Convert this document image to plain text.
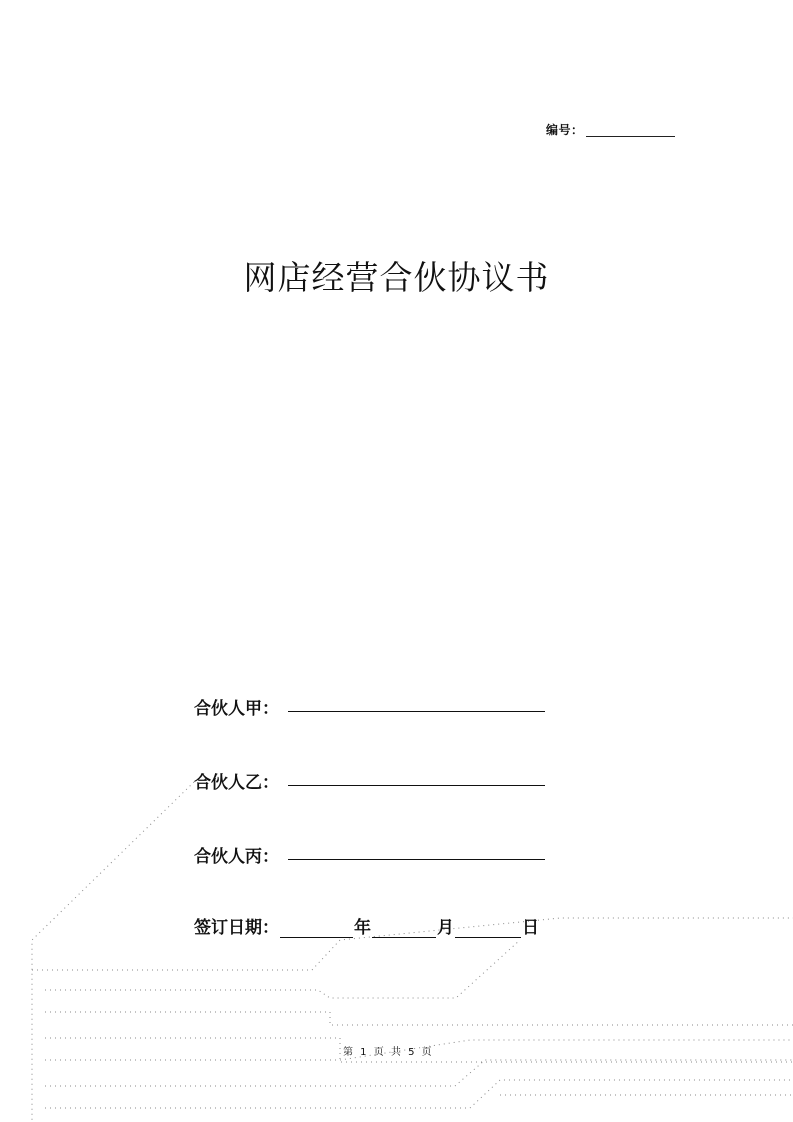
编号：
网店经营合伙协议书
合伙人甲：
合伙人乙：
合伙人丙：
签订日期：	年	月	日
第 1 页 共 5 页
